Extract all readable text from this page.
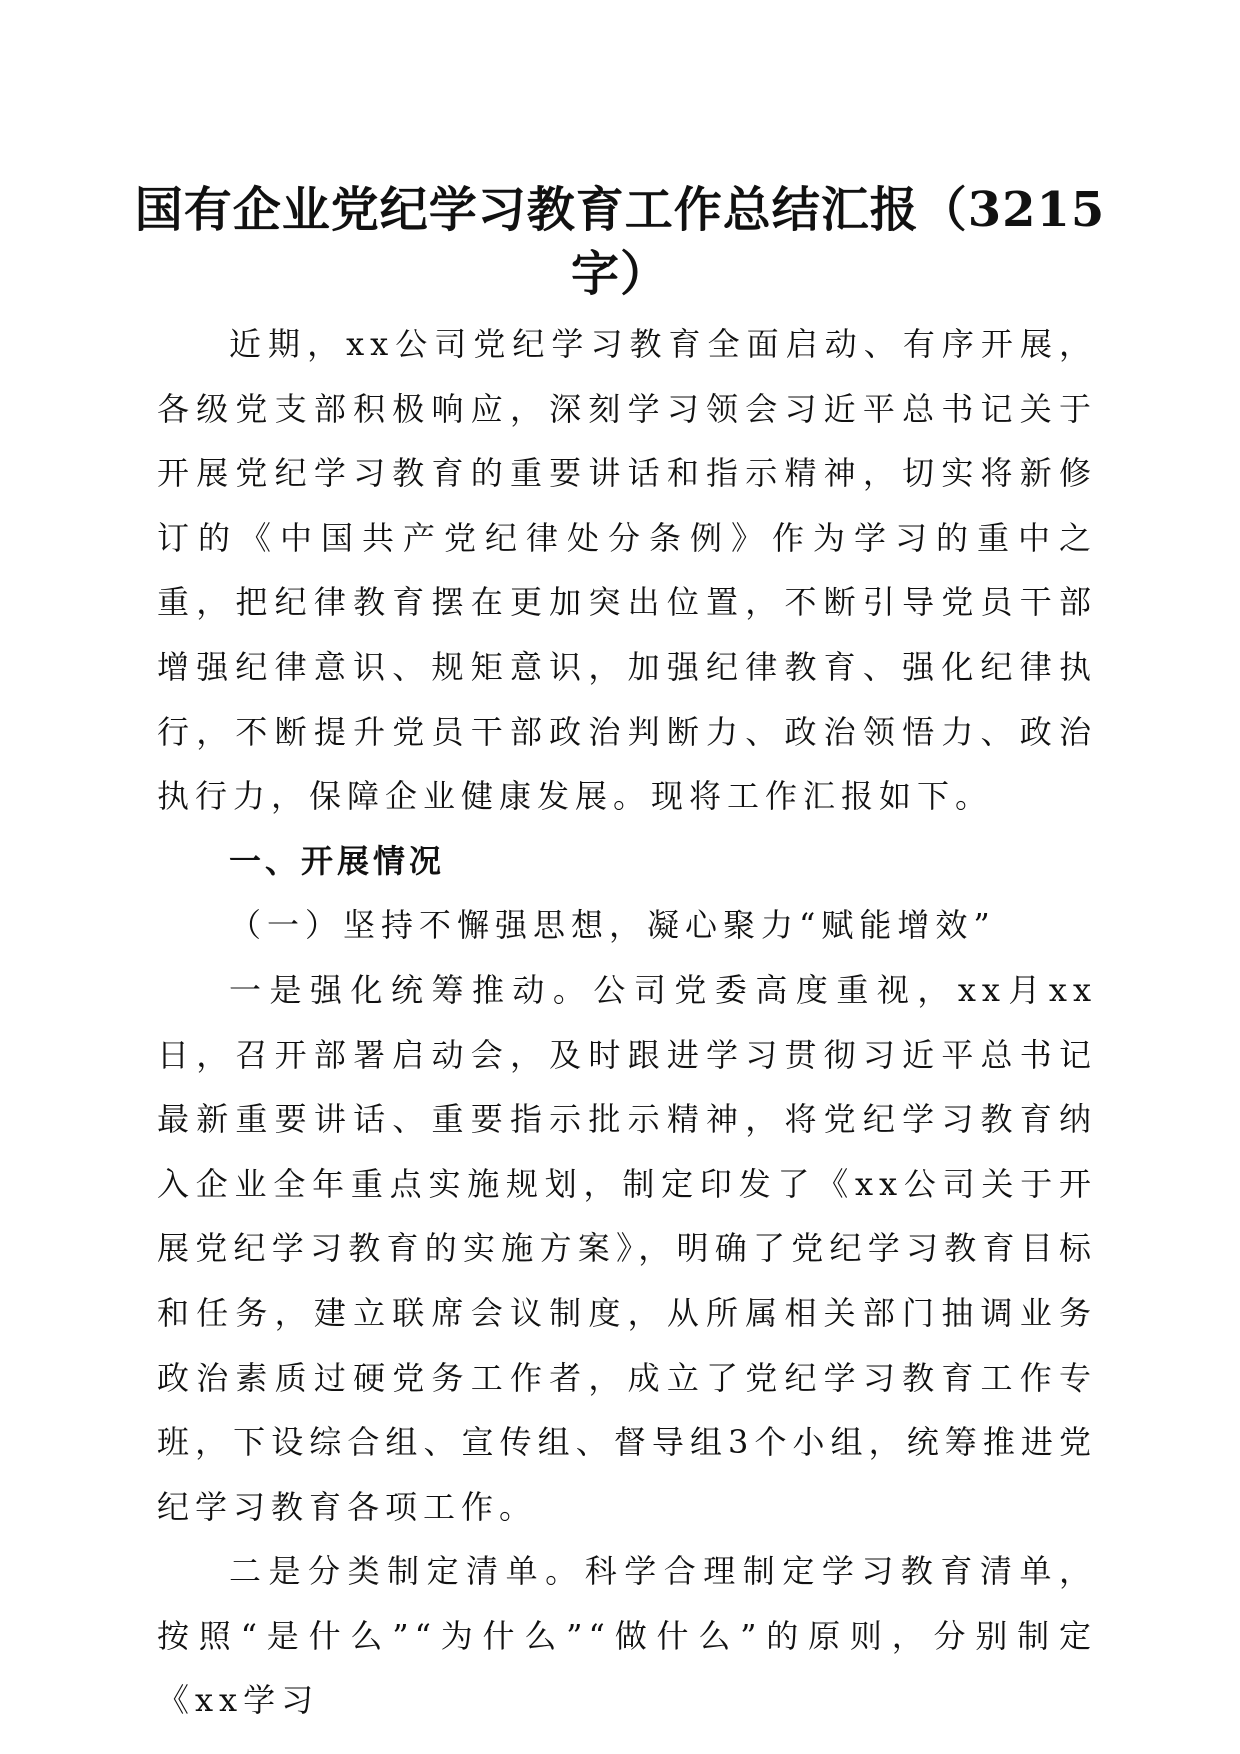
国有企业党纪学习教育工作总结汇报（3215字）

近期，xx公司党纪学习教育全面启动、有序开展，各级党支部积极响应，深刻学习领会习近平总书记关于开展党纪学习教育的重要讲话和指示精神，切实将新修订的《中国共产党纪律处分条例》作为学习的重中之重，把纪律教育摆在更加突出位置，不断引导党员干部增强纪律意识、规矩意识，加强纪律教育、强化纪律执行，不断提升党员干部政治判断力、政治领悟力、政治执行力，保障企业健康发展。现将工作汇报如下。

一、开展情况

（一）坚持不懈强思想，凝心聚力“赋能增效”

一是强化统筹推动。公司党委高度重视，xx月xx日，召开部署启动会，及时跟进学习贯彻习近平总书记最新重要讲话、重要指示批示精神，将党纪学习教育纳入企业全年重点实施规划，制定印发了《xx公司关于开展党纪学习教育的实施方案》，明确了党纪学习教育目标和任务，建立联席会议制度，从所属相关部门抽调业务政治素质过硬党务工作者，成立了党纪学习教育工作专班，下设综合组、宣传组、督导组3个小组，统筹推进党纪学习教育各项工作。

二是分类制定清单。科学合理制定学习教育清单，按照“是什么”“为什么”“做什么”的原则，分别制定《xx学习
